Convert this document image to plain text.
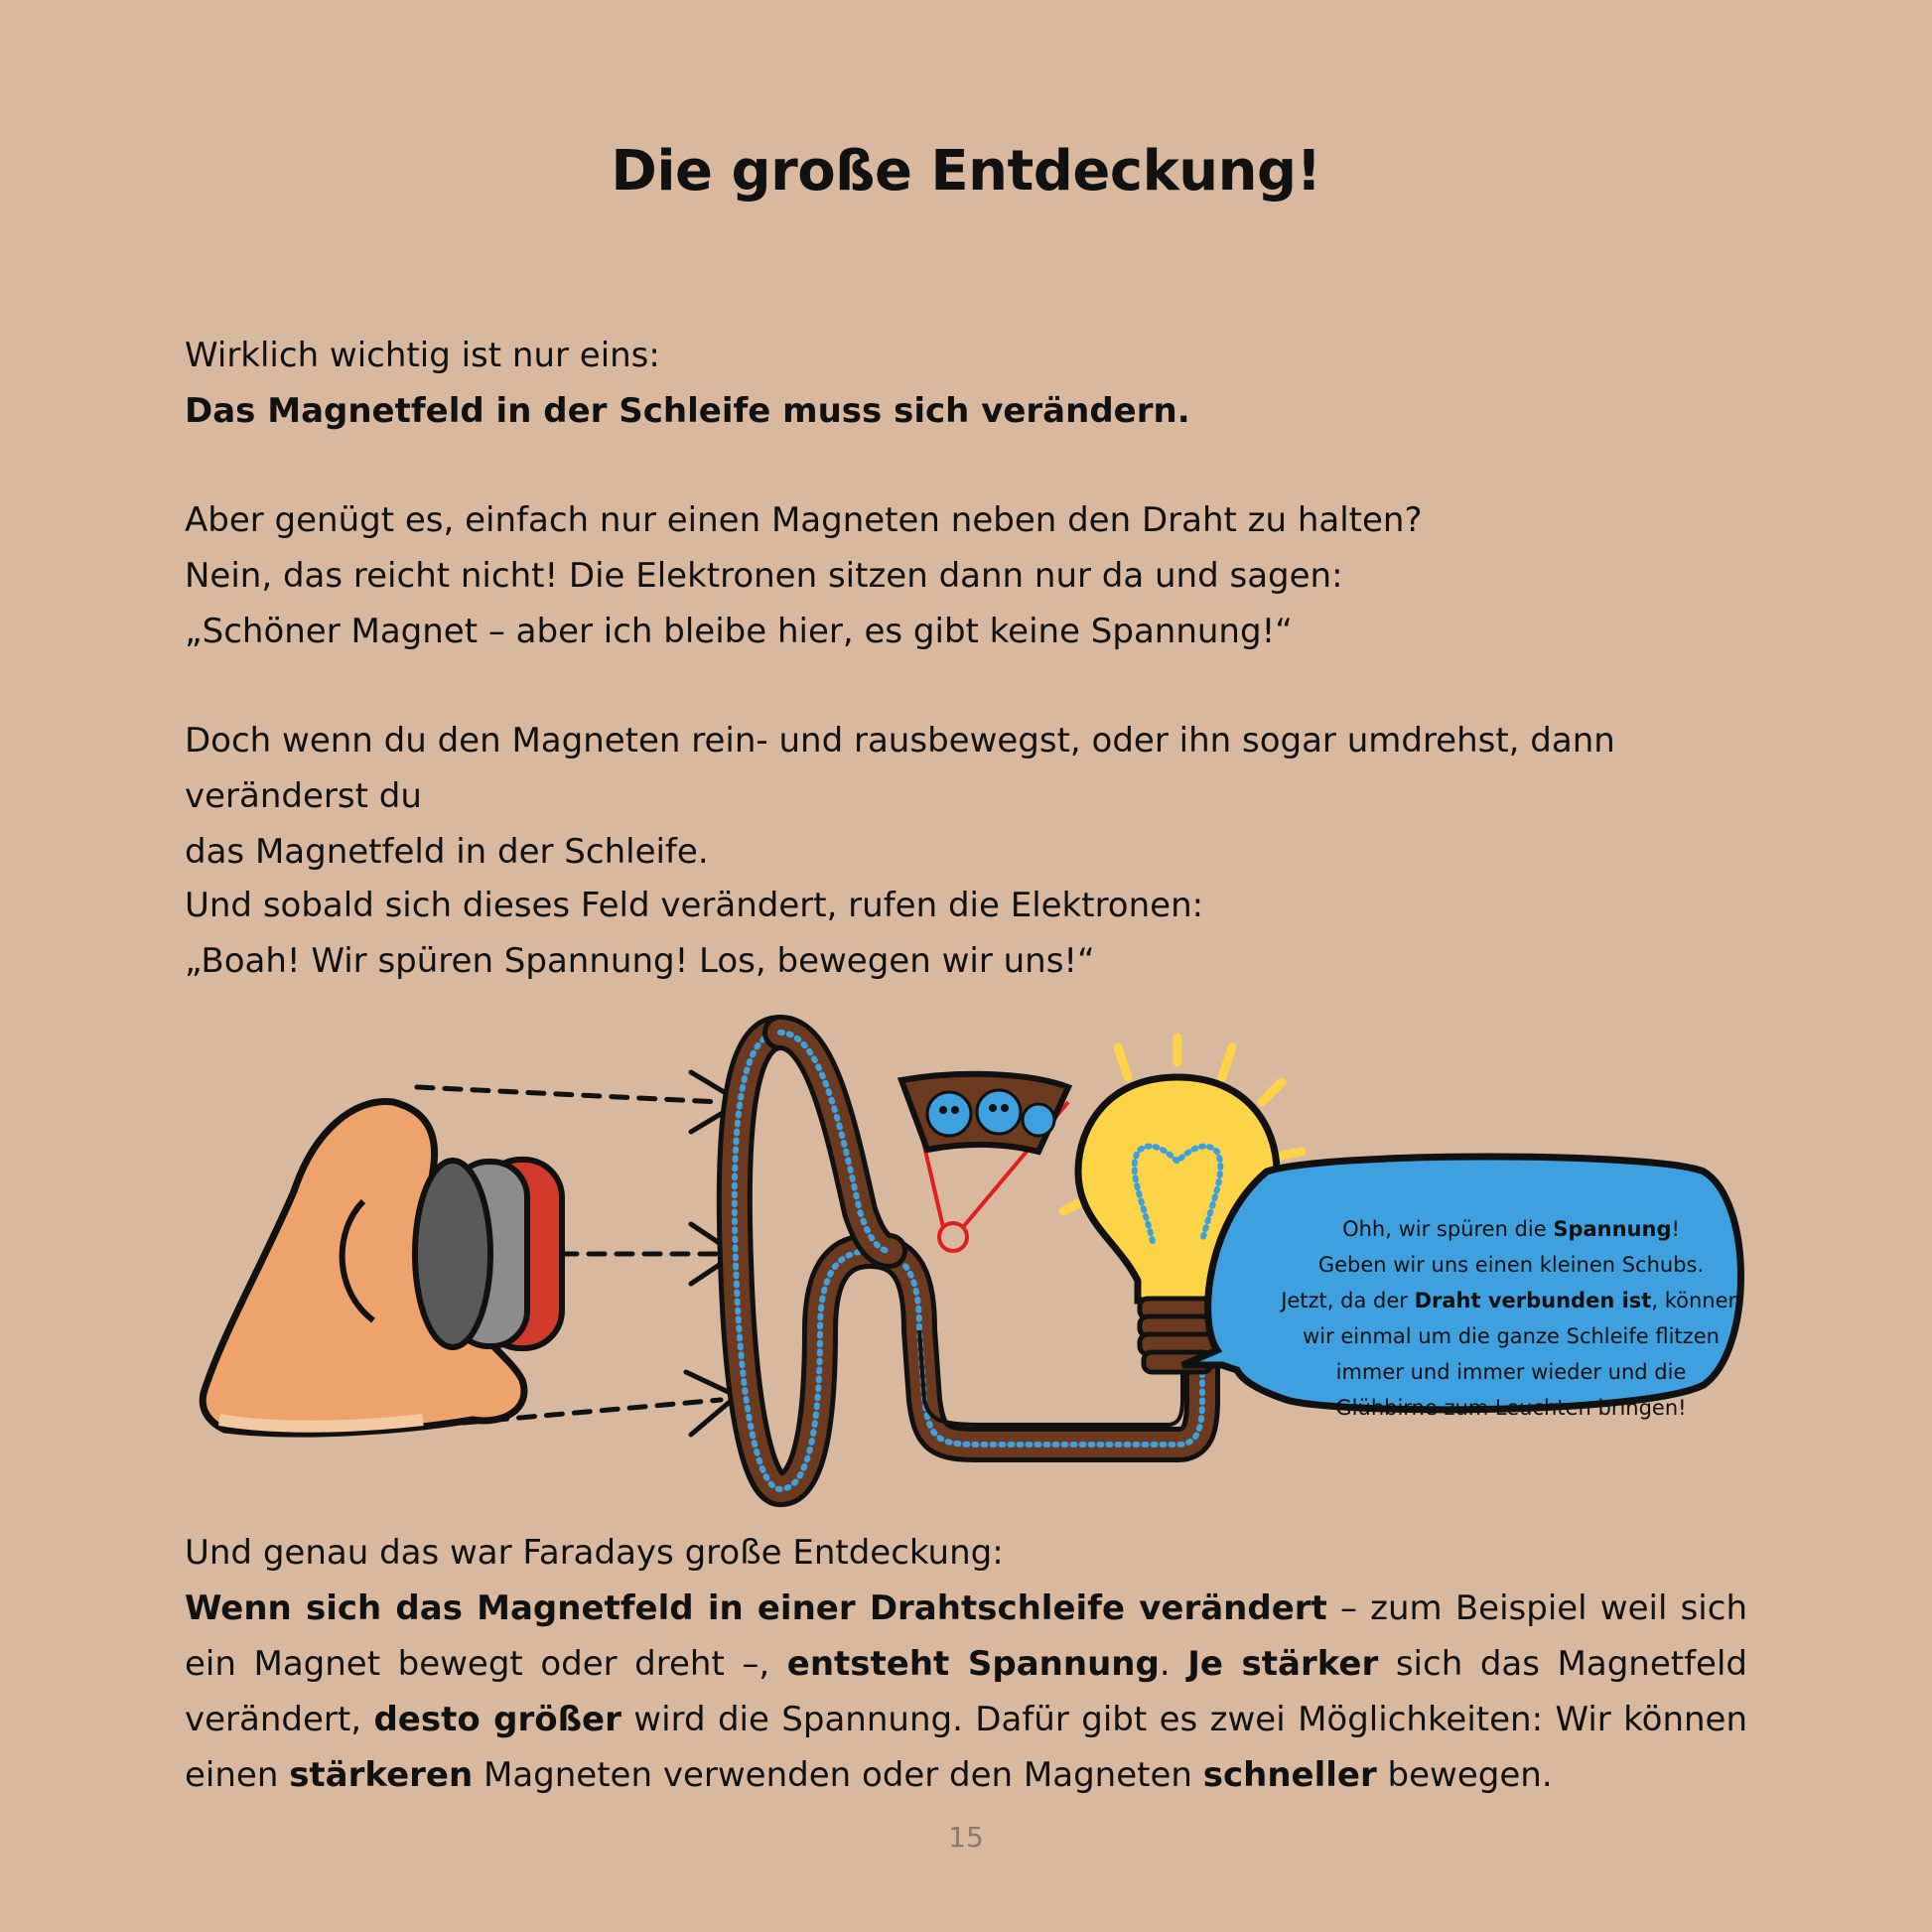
Die große Entdeckung!

Wirklich wichtig ist nur eins:

Das Magnetfeld in der Schleife muss sich verändern.

Aber genügt es, einfach nur einen Magneten neben den Draht zu halten?

Nein, das reicht nicht! Die Elektronen sitzen dann nur da und sagen:

„Schöner Magnet – aber ich bleibe hier, es gibt keine Spannung!“

Doch wenn du den Magneten rein- und rausbewegst, oder ihn sogar umdrehst, dann veränderst du

das Magnetfeld in der Schleife.

Und sobald sich dieses Feld verändert, rufen die Elektronen:

„Boah! Wir spüren Spannung! Los, bewegen wir uns!“

Ohh, wir spüren die Spannung!

Geben wir uns einen kleinen Schubs.

Jetzt, da der Draht verbunden ist, können

wir einmal um die ganze Schleife flitzen

immer und immer wieder und die

Glühbirne zum Leuchten bringen!

Und genau das war Faradays große Entdeckung:

Wenn sich das Magnetfeld in einer Drahtschleife verändert – zum Beispiel weil sich ein Magnet bewegt oder dreht –, entsteht Spannung. Je stärker sich das Magnetfeld verändert, desto größer wird die Spannung. Dafür gibt es zwei Möglichkeiten: Wir können einen stärkeren Magneten verwenden oder den Magneten schneller bewegen.

15
